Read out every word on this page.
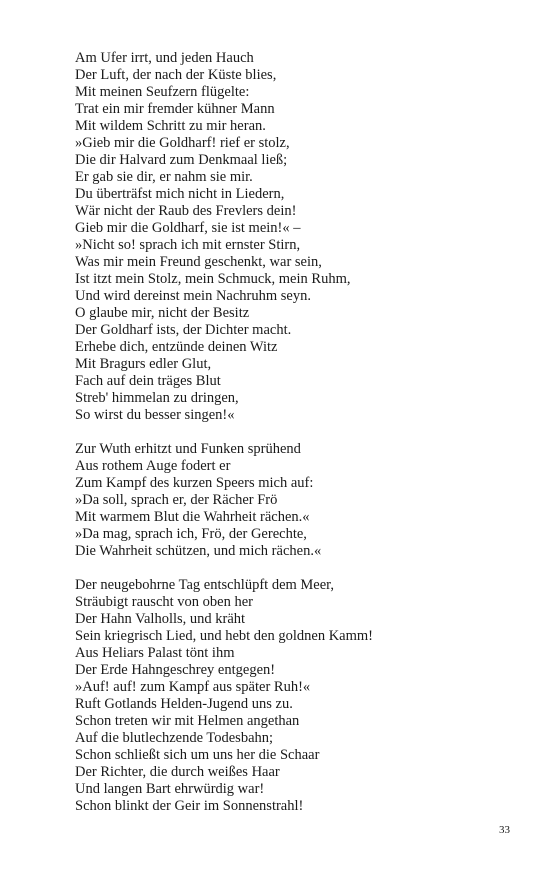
Am Ufer irrt, und jeden Hauch
Der Luft, der nach der Küste blies,
Mit meinen Seufzern flügelte:
Trat ein mir fremder kühner Mann
Mit wildem Schritt zu mir heran.
»Gieb mir die Goldharf! rief er stolz,
Die dir Halvard zum Denkmaal ließ;
Er gab sie dir, er nahm sie mir.
Du überträfst mich nicht in Liedern,
Wär nicht der Raub des Frevlers dein!
Gieb mir die Goldharf, sie ist mein!« –
»Nicht so! sprach ich mit ernster Stirn,
Was mir mein Freund geschenkt, war sein,
Ist itzt mein Stolz, mein Schmuck, mein Ruhm,
Und wird dereinst mein Nachruhm seyn.
O glaube mir, nicht der Besitz
Der Goldharf ists, der Dichter macht.
Erhebe dich, entzünde deinen Witz
Mit Bragurs edler Glut,
Fach auf dein träges Blut
Streb' himmelan zu dringen,
So wirst du besser singen!«
Zur Wuth erhitzt und Funken sprühend
Aus rothem Auge fodert er
Zum Kampf des kurzen Speers mich auf:
»Da soll, sprach er, der Rächer Frö
Mit warmem Blut die Wahrheit rächen.«
»Da mag, sprach ich, Frö, der Gerechte,
Die Wahrheit schützen, und mich rächen.«
Der neugebohrne Tag entschlüpft dem Meer,
Sträubigt rauscht von oben her
Der Hahn Valholls, und kräht
Sein kriegrisch Lied, und hebt den goldnen Kamm!
Aus Heliars Palast tönt ihm
Der Erde Hahngeschrey entgegen!
»Auf! auf! zum Kampf aus später Ruh!«
Ruft Gotlands Helden-Jugend uns zu.
Schon treten wir mit Helmen angethan
Auf die blutlechzende Todesbahn;
Schon schließt sich um uns her die Schaar
Der Richter, die durch weißes Haar
Und langen Bart ehrwürdig war!
Schon blinkt der Geir im Sonnenstrahl!
33
